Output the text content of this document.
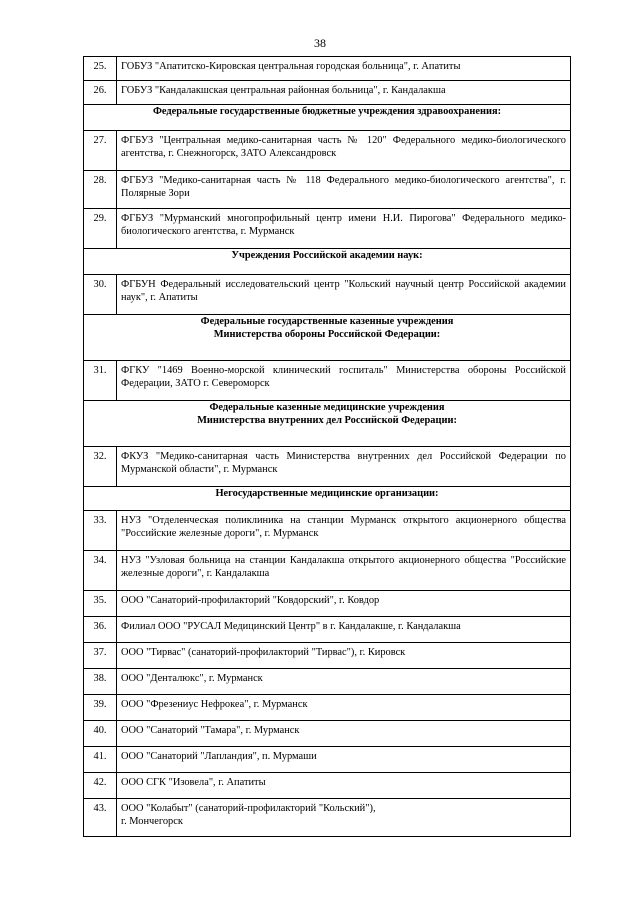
38
25.	ГОБУЗ "Апатитско-Кировская центральная городская больница", г. Апатиты

26.	ГОБУЗ "Кандалакшская центральная районная больница", г. Кандалакша

Федеральные государственные бюджетные учреждения здравоохранения:	

27.	ФГБУЗ "Центральная медико-санитарная часть № 120" Федерального медико-биологического агентства, г. Снежногорск, ЗАТО Александровск

28.	ФГБУЗ "Медико-санитарная часть № 118 Федерального медико-биологического агентства", г. Полярные Зори

29.	ФГБУЗ "Мурманский многопрофильный центр имени Н.И. Пирогова" Федерального медико-биологического агентства, г. Мурманск

Учреждения Российской академии наук:	

30.	ФГБУН Федеральный исследовательский центр "Кольский научный центр Российской академии наук", г. Апатиты

Федеральные государственные казенные учреждения
Министерства обороны Российской Федерации:	

31.	ФГКУ "1469 Военно-морской клинический госпиталь" Министерства обороны Российской Федерации, ЗАТО г. Североморск

Федеральные казенные медицинские учреждения
Министерства внутренних дел Российской Федерации:	

32.	ФКУЗ "Медико-санитарная часть Министерства внутренних дел Российской Федерации по Мурманской области", г. Мурманск

Негосударственные медицинские организации:	

33.	НУЗ "Отделенческая поликлиника на станции Мурманск открытого акционерного общества "Российские железные дороги", г. Мурманск

34.	НУЗ "Узловая больница на станции Кандалакша открытого акционерного общества "Российские железные дороги", г. Кандалакша

35.	ООО "Санаторий-профилакторий "Ковдорский", г. Ковдор

36.	Филиал ООО "РУСАЛ Медицинский Центр" в г. Кандалакше, г. Кандалакша

37.	ООО "Тирвас" (санаторий-профилакторий "Тирвас"), г. Кировск

38.	ООО "Денталюкс", г. Мурманск

39.	ООО "Фрезениус Нефрокеа", г. Мурманск

40.	ООО "Санаторий "Тамара", г. Мурманск

41.	ООО "Санаторий "Лапландия", п. Мурмаши

42.	ООО СГК "Изовела", г. Апатиты

43.	ООО "Колабыт" (санаторий-профилакторий "Кольский"),
г. Мончегорск
